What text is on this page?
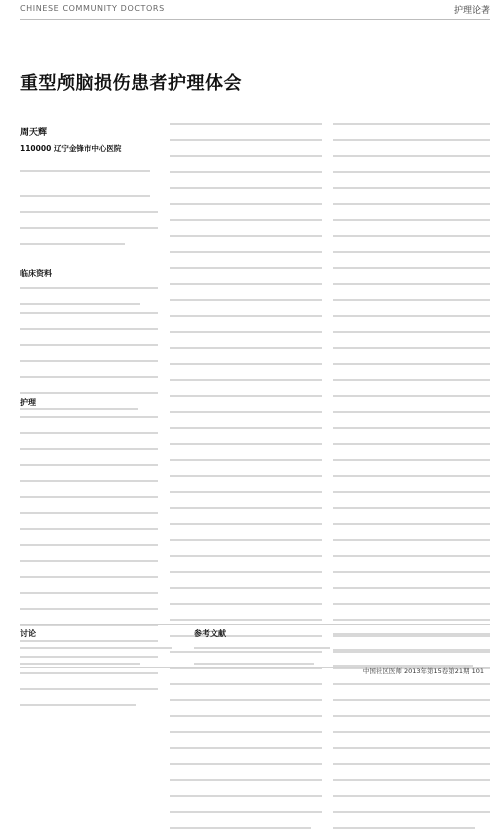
CHINESE COMMUNITY DOCTORS	护理论著
重型颅脑损伤患者护理体会
周天辉
110000 辽宁金锋市中心医院
临床资料
护理
讨论	参考文献
中国社区医师 2013年第15卷第21期 101
